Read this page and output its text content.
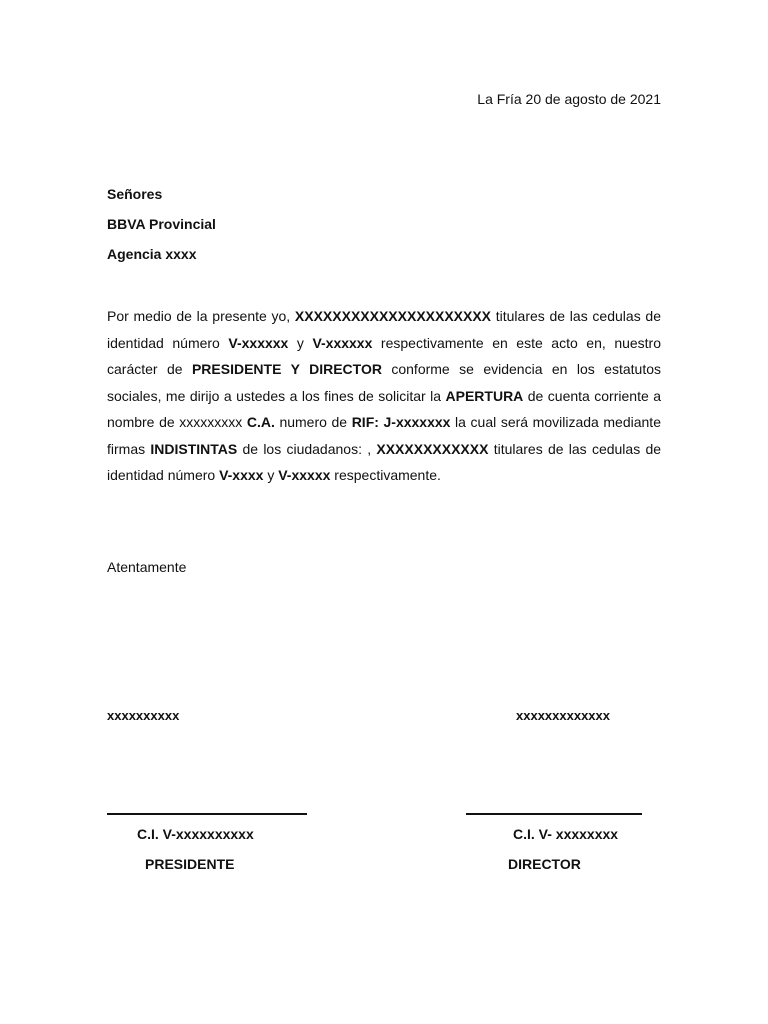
La Fría 20 de agosto de 2021
Señores
BBVA Provincial
Agencia xxxx
Por medio de la presente yo, XXXXXXXXXXXXXXXXXXXXX titulares de las cedulas de identidad número V-xxxxxx y V-xxxxxx respectivamente en este acto en, nuestro carácter de PRESIDENTE Y DIRECTOR conforme se evidencia en los estatutos sociales, me dirijo a ustedes a los fines de solicitar la APERTURA de cuenta corriente a nombre de xxxxxxxxx C.A. numero de RIF: J-xxxxxxx la cual será movilizada mediante firmas INDISTINTAS de los ciudadanos: , XXXXXXXXXXXX titulares de las cedulas de identidad número V-xxxx y V-xxxxx respectivamente.
Atentamente
xxxxxxxxxx	xxxxxxxxxxxxx
C.I. V-xxxxxxxxxx	C.I. V- xxxxxxxx
PRESIDENTE	DIRECTOR
